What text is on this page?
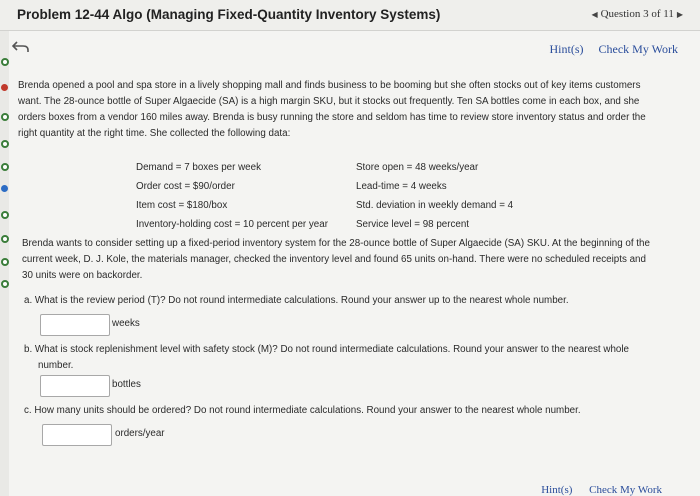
Problem 12-44 Algo (Managing Fixed-Quantity Inventory Systems)	◀ Question 3 of 11 ▶
Hint(s) Check My Work

Brenda opened a pool and spa store in a lively shopping mall and finds business to be booming but she often stocks out of key items customers

want. The 28-ounce bottle of Super Algaecide (SA) is a high margin SKU, but it stocks out frequently. Ten SA bottles come in each box, and she

orders boxes from a vendor 160 miles away. Brenda is busy running the store and seldom has time to review store inventory status and order the

right quantity at the right time. She collected the following data:

Demand = 7 boxes per week
Order cost = $90/order
Item cost = $180/box
Inventory-holding cost = 10 percent per year
Store open = 48 weeks/year
Lead-time = 4 weeks
Std. deviation in weekly demand = 4
Service level = 98 percent
Brenda wants to consider setting up a fixed-period inventory system for the 28-ounce bottle of Super Algaecide (SA) SKU. At the beginning of the
current week, D. J. Kole, the materials manager, checked the inventory level and found 65 units on-hand. There were no scheduled receipts and
30 units were on backorder.
a. What is the review period (T)? Do not round intermediate calculations. Round your answer up to the nearest whole number.
weeks
b. What is stock replenishment level with safety stock (M)? Do not round intermediate calculations. Round your answer to the nearest whole
number.
bottles
c. How many units should be ordered? Do not round intermediate calculations. Round your answer to the nearest whole number.
orders/year
Hint(s) Check My Work
